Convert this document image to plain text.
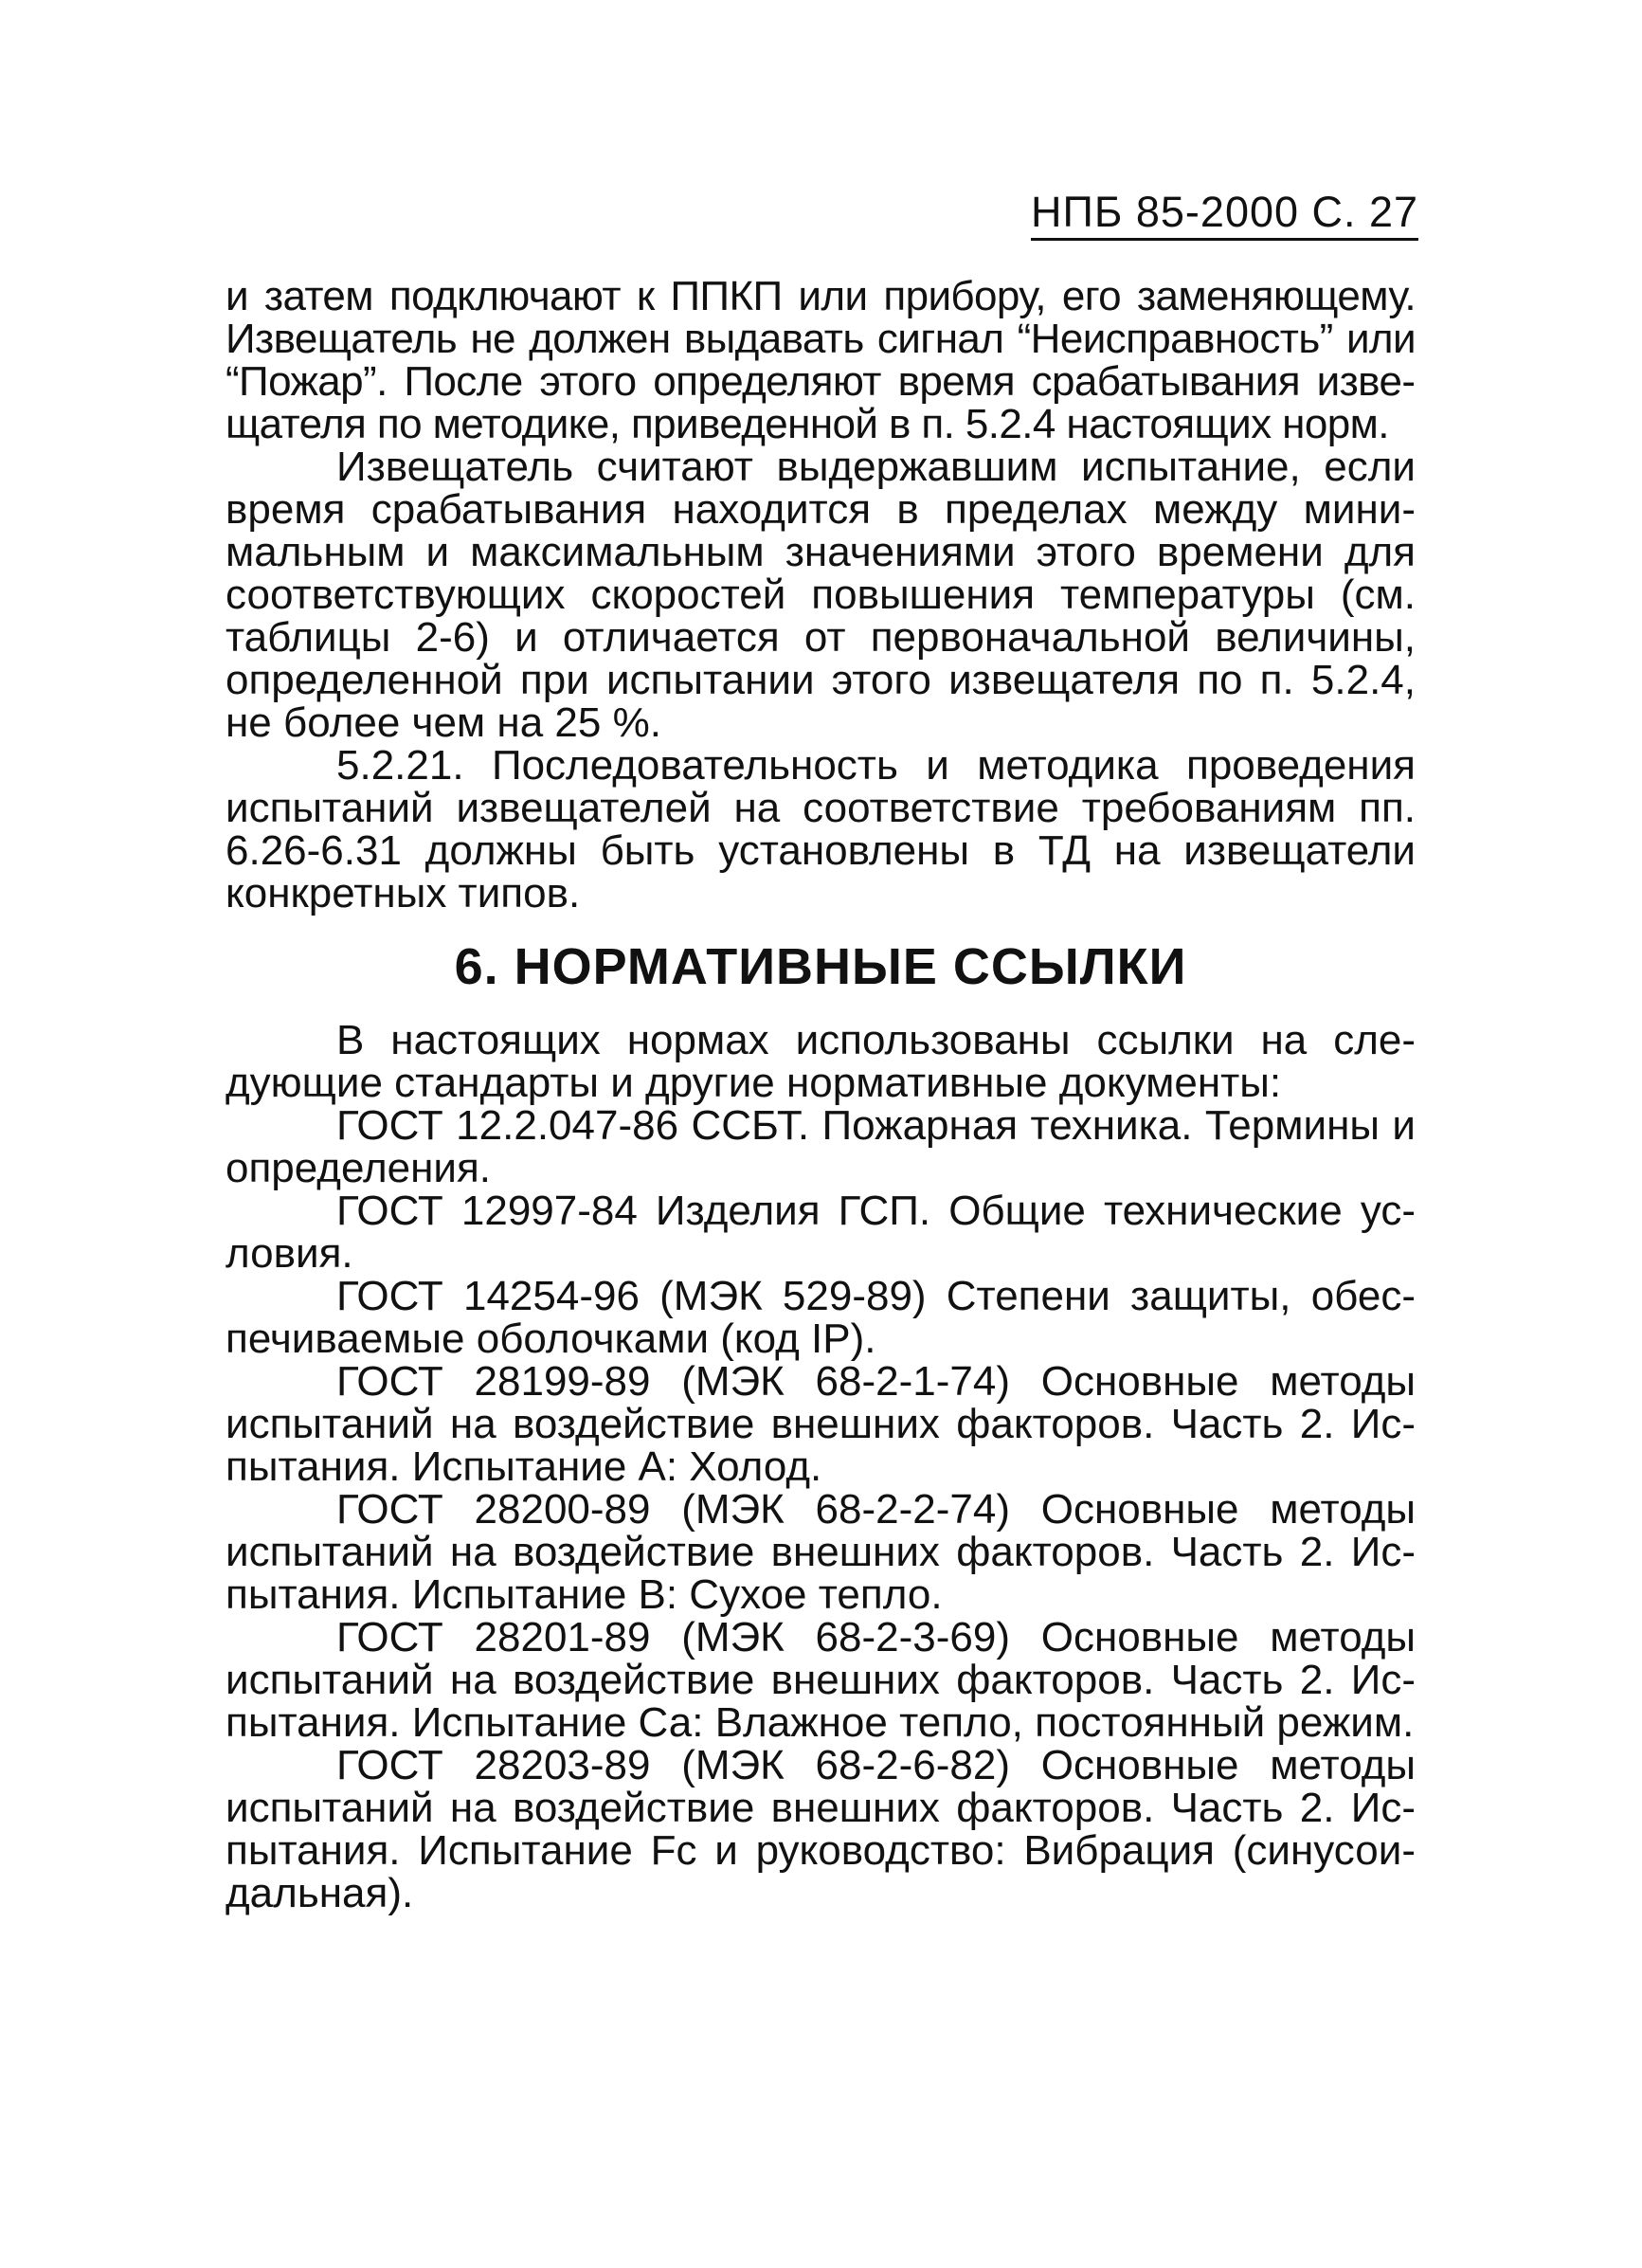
НПБ 85-2000 С. 27

и затем подключают к ППКП или прибору, его заменяющему. Извещатель не должен выдавать сигнал “Неисправность” или “Пожар”. После этого определяют время срабатывания извещателя по методике, приведенной в п. 5.2.4 настоящих норм.

Извещатель считают выдержавшим испытание, если время срабатывания находится в пределах между минимальным и максимальным значениями этого времени для соответствующих скоростей повышения температуры (см. таблицы 2-6) и отличается от первоначальной величины, определенной при испытании этого извещателя по п. 5.2.4, не более чем на 25 %.

5.2.21. Последовательность и методика проведения испытаний извещателей на соответствие требованиям пп. 6.26-6.31 должны быть установлены в ТД на извещатели конкретных типов.

6. НОРМАТИВНЫЕ ССЫЛКИ

В настоящих нормах использованы ссылки на следующие стандарты и другие нормативные документы:

ГОСТ 12.2.047-86 ССБТ. Пожарная техника. Термины и определения.

ГОСТ 12997-84 Изделия ГСП. Общие технические условия.

ГОСТ 14254-96 (МЭК 529-89) Степени защиты, обеспечиваемые оболочками (код IP).

ГОСТ 28199-89 (МЭК 68-2-1-74) Основные методы испытаний на воздействие внешних факторов. Часть 2. Испытания. Испытание А: Холод.

ГОСТ 28200-89 (МЭК 68-2-2-74) Основные методы испытаний на воздействие внешних факторов. Часть 2. Испытания. Испытание В: Сухое тепло.

ГОСТ 28201-89 (МЭК 68-2-3-69) Основные методы испытаний на воздействие внешних факторов. Часть 2. Испытания. Испытание Са: Влажное тепло, постоянный режим.

ГОСТ 28203-89 (МЭК 68-2-6-82) Основные методы испытаний на воздействие внешних факторов. Часть 2. Испытания. Испытание Fc и руководство: Вибрация (синусоидальная).
